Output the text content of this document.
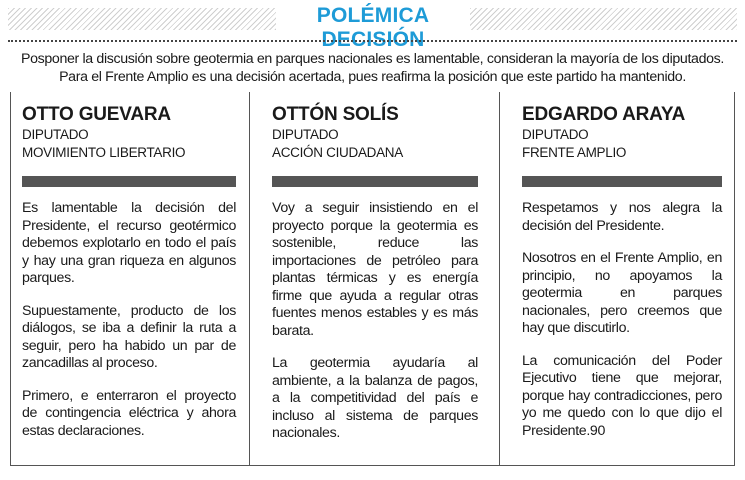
POLÉMICA DECISIÓN
Posponer la discusión sobre geotermia en parques nacionales es lamentable, consideran la mayoría de los diputados.
Para el Frente Amplio es una decisión acertada, pues reafirma la posición que este partido ha mantenido.
OTTO GUEVARA
DIPUTADO
MOVIMIENTO LIBERTARIO

Es lamentable la decisión del Presidente, el recurso geotérmico debemos explotarlo en todo el país y hay una gran riqueza en algunos parques.

Supuestamente, producto de los diálogos, se iba a definir la ruta a seguir, pero ha habido un par de zancadillas al proceso.

Primero, e enterraron el proyecto de contingencia eléctrica y ahora estas declaraciones.

OTTÓN SOLÍS
DIPUTADO
ACCIÓN CIUDADANA

Voy a seguir insistiendo en el proyecto porque la geotermia es sostenible, reduce las importaciones de petróleo para plantas térmicas y es energía firme que ayuda a regular otras fuentes menos estables y es más barata.

La geotermia ayudaría al ambiente, a la balanza de pagos, a la competitividad del país e incluso al sistema de parques nacionales.

EDGARDO ARAYA
DIPUTADO
FRENTE AMPLIO

Respetamos y nos alegra la decisión del Presidente.

Nosotros en el Frente Amplio, en principio, no apoyamos la geotermia en parques nacionales, pero creemos que hay que discutirlo.

La comunicación del Poder Ejecutivo tiene que mejorar, porque hay contradicciones, pero yo me quedo con lo que dijo el Presidente.90
